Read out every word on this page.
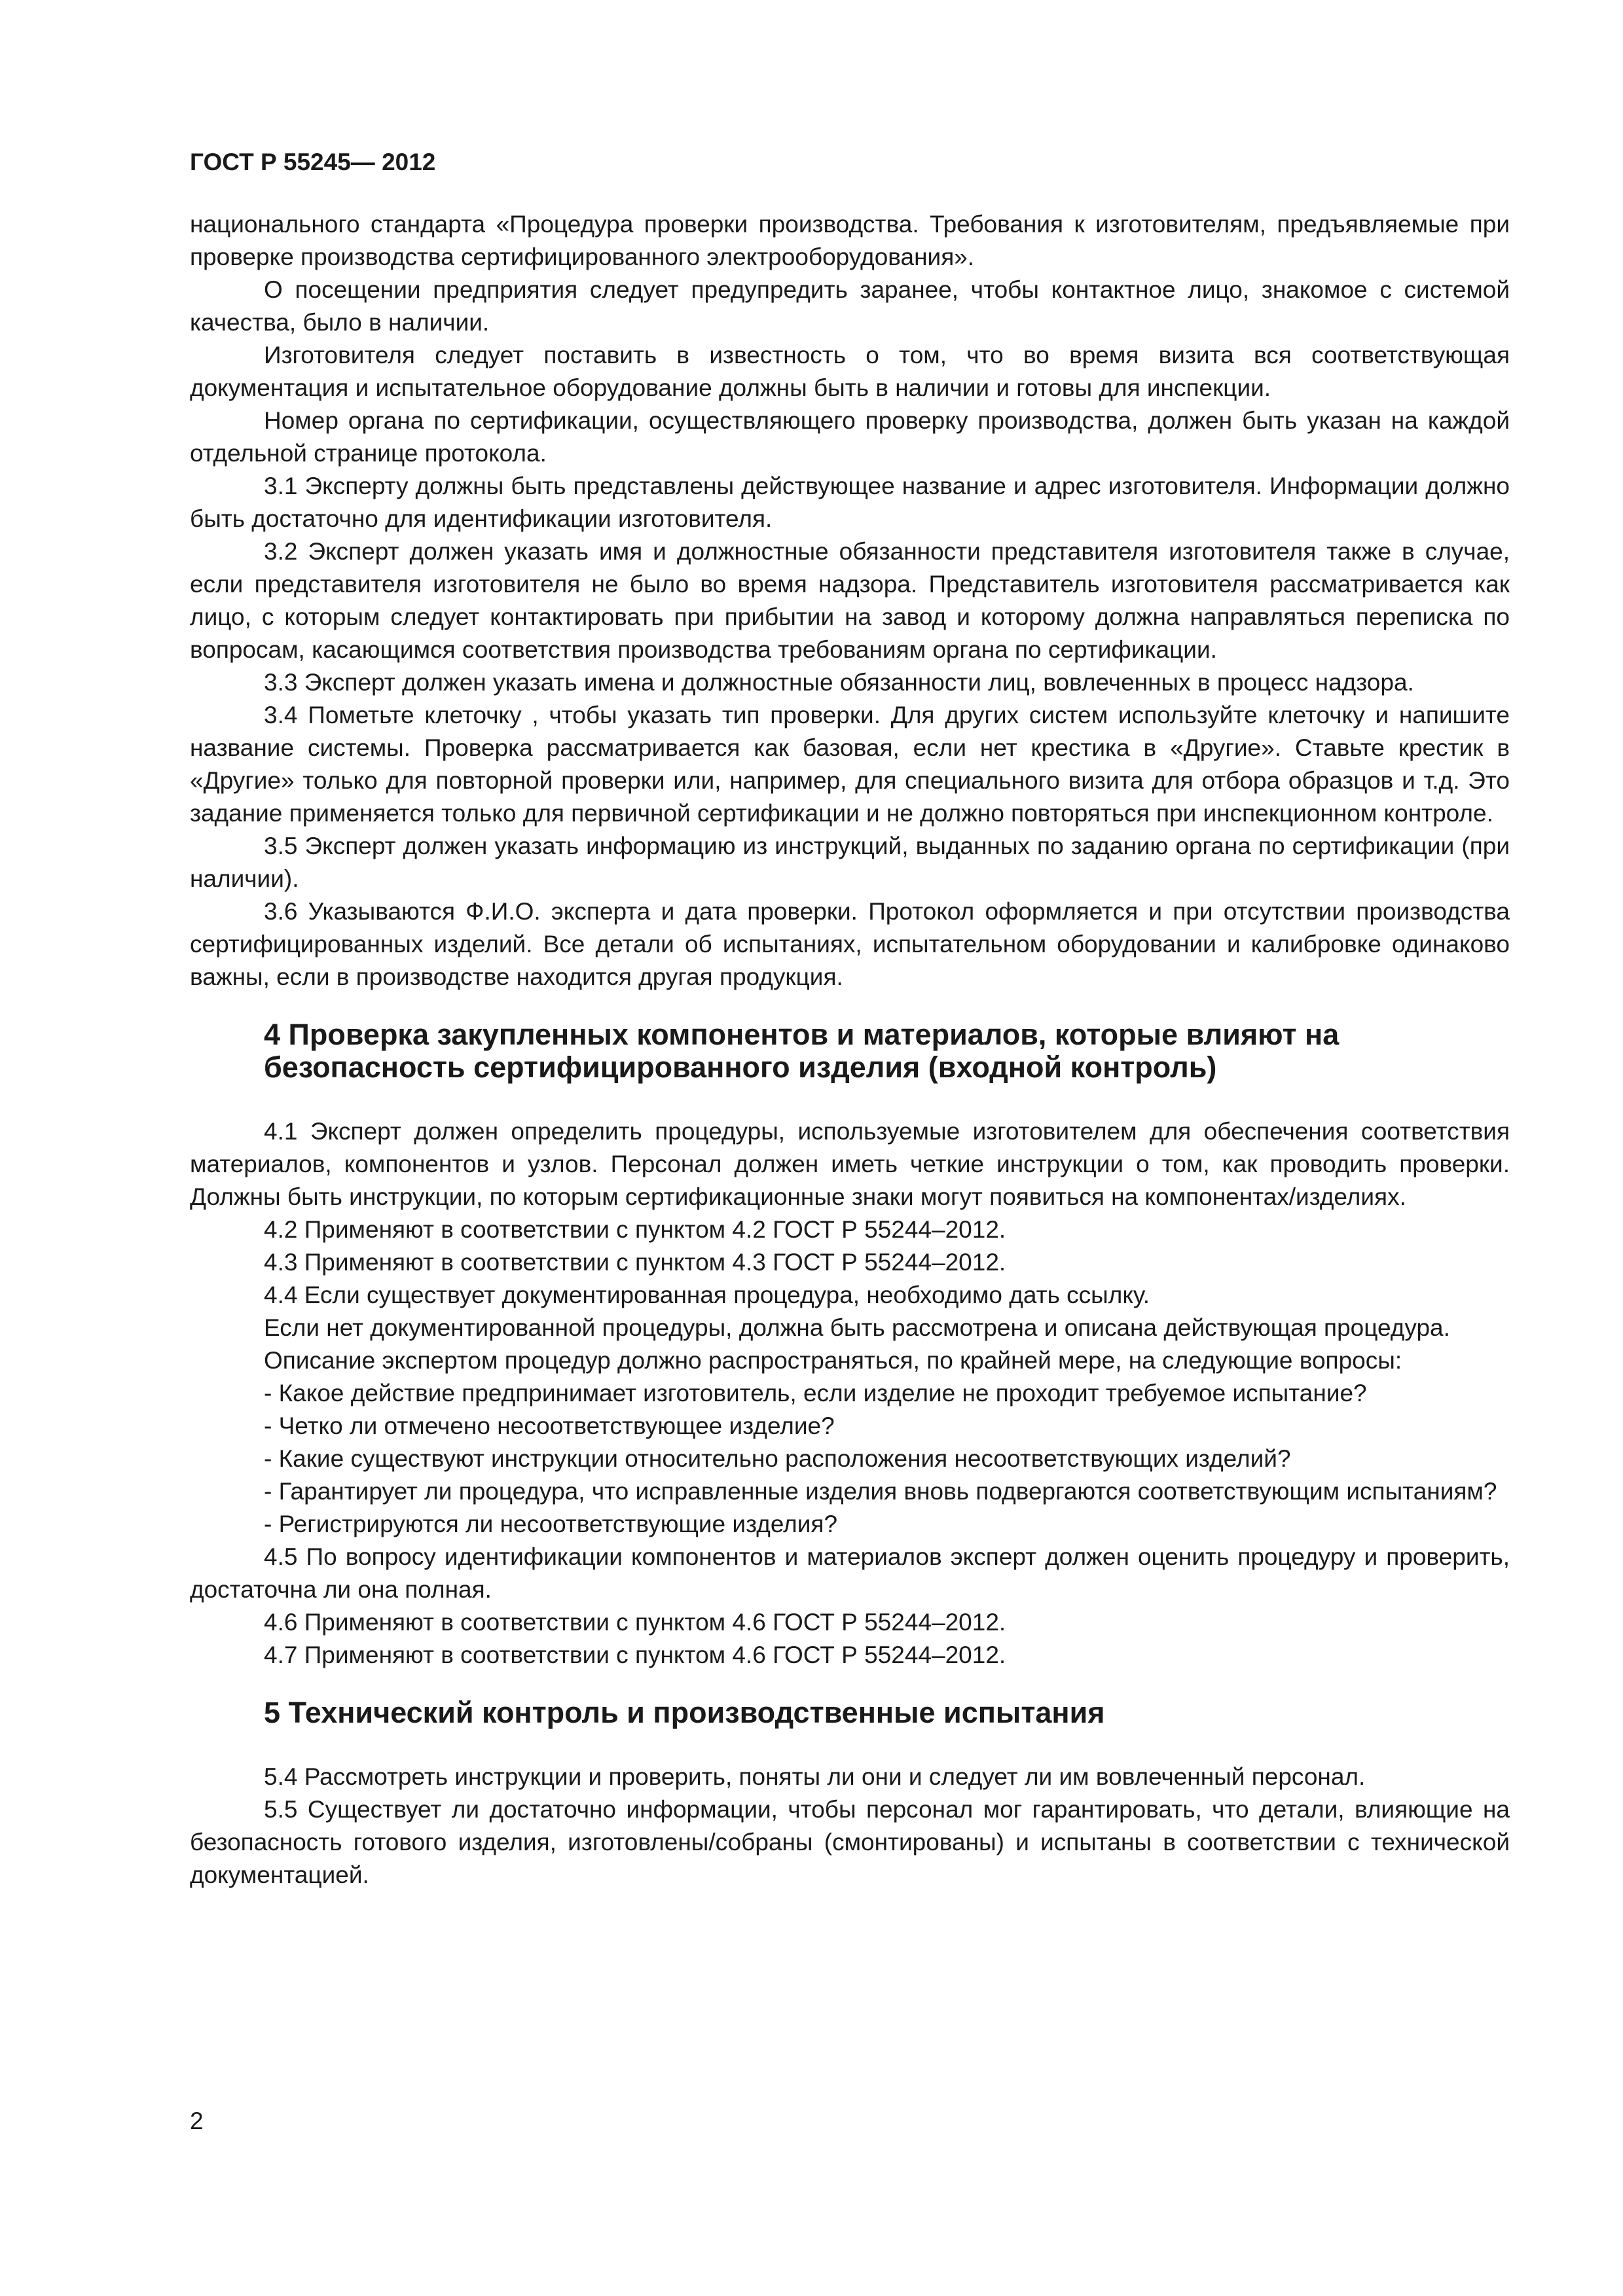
ГОСТ Р 55245— 2012

национального стандарта «Процедура проверки производства. Требования к изготовителям, предъявляемые при проверке производства сертифицированного электрооборудования».

О посещении предприятия следует предупредить заранее, чтобы контактное лицо, знакомое с системой качества, было в наличии.

Изготовителя следует поставить в известность о том, что во время визита вся соответствующая документация и испытательное оборудование должны быть в наличии и готовы для инспекции.

Номер органа по сертификации, осуществляющего проверку производства, должен быть указан на каждой отдельной странице протокола.

3.1 Эксперту должны быть представлены действующее название и адрес изготовителя. Информации должно быть достаточно для идентификации изготовителя.

3.2 Эксперт должен указать имя и должностные обязанности представителя изготовителя также в случае, если представителя изготовителя не было во время надзора. Представитель изготовителя рассматривается как лицо, с которым следует контактировать при прибытии на завод и которому должна направляться переписка по вопросам, касающимся соответствия производства требованиям органа по сертификации.

3.3 Эксперт должен указать имена и должностные обязанности лиц, вовлеченных в процесс надзора.

3.4 Пометьте клеточку , чтобы указать тип проверки. Для других систем используйте клеточку и напишите название системы. Проверка рассматривается как базовая, если нет крестика в «Другие». Ставьте крестик в «Другие» только для повторной проверки или, например, для специального визита для отбора образцов и т.д. Это задание применяется только для первичной сертификации и не должно повторяться при инспекционном контроле.

3.5 Эксперт должен указать информацию из инструкций, выданных по заданию органа по сертификации (при наличии).

3.6 Указываются Ф.И.О. эксперта и дата проверки. Протокол оформляется и при отсутствии производства сертифицированных изделий. Все детали об испытаниях, испытательном оборудовании и калибровке одинаково важны, если в производстве находится другая продукция.

4 Проверка закупленных компонентов и материалов, которые влияют на безопасность сертифицированного изделия (входной контроль)

4.1 Эксперт должен определить процедуры, используемые изготовителем для обеспечения соответствия материалов, компонентов и узлов. Персонал должен иметь четкие инструкции о том, как проводить проверки. Должны быть инструкции, по которым сертификационные знаки могут появиться на компонентах/изделиях.

4.2 Применяют в соответствии с пунктом 4.2 ГОСТ Р 55244–2012.

4.3 Применяют в соответствии с пунктом 4.3 ГОСТ Р 55244–2012.

4.4 Если существует документированная процедура, необходимо дать ссылку.

Если нет документированной процедуры, должна быть рассмотрена и описана действующая процедура.

Описание экспертом процедур должно распространяться, по крайней мере, на следующие вопросы:

- Какое действие предпринимает изготовитель, если изделие не проходит требуемое испытание?

- Четко ли отмечено несоответствующее изделие?

- Какие существуют инструкции относительно расположения несоответствующих изделий?

- Гарантирует ли процедура, что исправленные изделия вновь подвергаются соответствующим испытаниям?

- Регистрируются ли несоответствующие изделия?

4.5 По вопросу идентификации компонентов и материалов эксперт должен оценить процедуру и проверить, достаточна ли она полная.

4.6 Применяют в соответствии с пунктом 4.6 ГОСТ Р 55244–2012.

4.7 Применяют в соответствии с пунктом 4.6 ГОСТ Р 55244–2012.

5 Технический контроль и производственные испытания

5.4 Рассмотреть инструкции и проверить, поняты ли они и следует ли им вовлеченный персонал.

5.5 Существует ли достаточно информации, чтобы персонал мог гарантировать, что детали, влияющие на безопасность готового изделия, изготовлены/собраны (смонтированы) и испытаны в соответствии с технической документацией.

2
